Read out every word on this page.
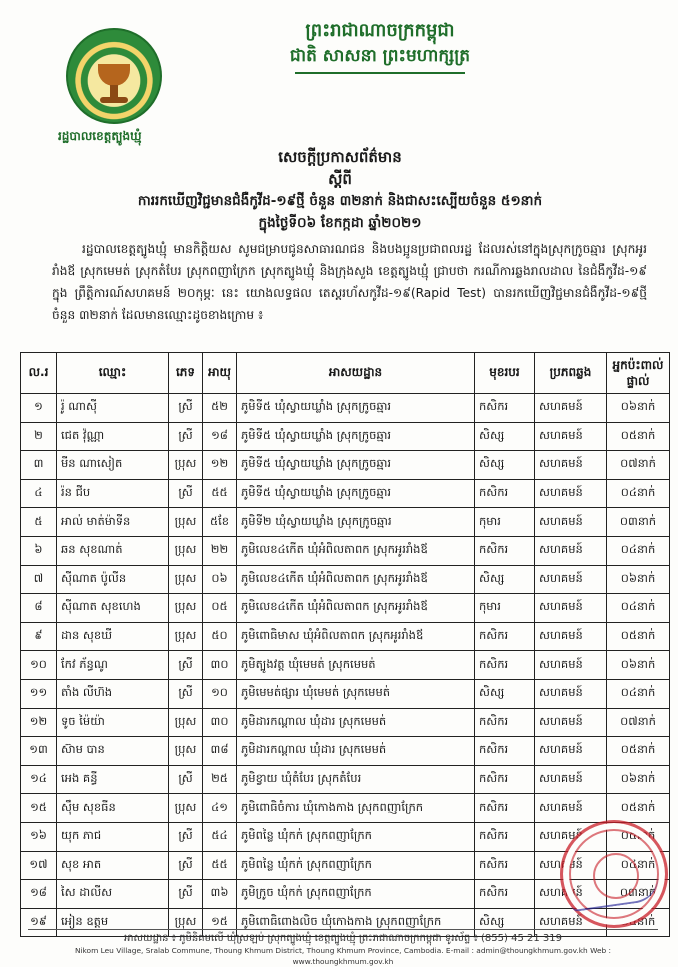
រដ្ឋបាលខេត្តត្បូងឃ្មុំ
ព្រះរាជាណាចក្រកម្ពុជា
ជាតិ សាសនា ព្រះមហាក្សត្រ
សេចក្ដីប្រកាសព័ត៌មាន
ស្ដីពី
ការរកឃើញវិជ្ជមានជំងឺកូវីដ-១៩ថ្មី ចំនួន ៣២នាក់ និងជាសះស្បើយចំនួន ៥១នាក់
ក្នុងថ្ងៃទី០៦ ខែកក្កដា ឆ្នាំ២០២១
រដ្ឋបាលខេត្តត្បូងឃ្មុំ មានកិត្តិយស សូមជម្រាបជូនសាធារណជន និងបងប្អូនប្រជាពលរដ្ឋ ដែលរស់នៅក្នុងស្រុកក្រូចឆ្មារ ស្រុកអូររាំងឪ ស្រុកមេមត់ ស្រុកតំបែរ ស្រុកពញាក្រែក ស្រុកត្បូងឃ្មុំ និងក្រុងសួង ខេត្តត្បូងឃ្មុំ ជ្រាបថា ករណីការឆ្លងរាលដាល នៃជំងឺកូវីដ-១៩ ក្នុង ព្រឹត្តិការណ៍សហគមន៍ ២០កុម្ភៈ នេះ យោងលទ្ធផល តេស្តរហ័សកូវីដ-១៩(Rapid Test) បានរកឃើញវិជ្ជមានជំងឺកូវីដ-១៩ថ្មី ចំនួន ៣២នាក់ ដែលមានឈ្មោះដូចខាងក្រោម ៖
ល.រ	ឈ្មោះ	ភេទ	អាយុ	អាសយដ្ឋាន	មុខរបរ	ប្រភពឆ្លង	អ្នកប៉ះពាល់ផ្ទាល់
១	រ៉ូ ណាស៊ី	ស្រី	៥២	ភូមិទី៥ ឃុំស្វាយឃ្លាំង ស្រុកក្រូចឆ្មារ	កសិករ	សហគមន៍	០៦នាក់
២	ជេត វ៉ុណ្ណា	ស្រី	១៨	ភូមិទី៥ ឃុំស្វាយឃ្លាំង ស្រុកក្រូចឆ្មារ	សិស្ស	សហគមន៍	០៥នាក់
៣	មីន ណាសៀត	ប្រុស	១២	ភូមិទី៥ ឃុំស្វាយឃ្លាំង ស្រុកក្រូចឆ្មារ	សិស្ស	សហគមន៍	០៧នាក់
៤	រ៉ន ជីប	ស្រី	៥៥	ភូមិទី៥ ឃុំស្វាយឃ្លាំង ស្រុកក្រូចឆ្មារ	កសិករ	សហគមន៍	០៤នាក់
៥	អាល់ មាត់ម៉ាទីន	ប្រុស	៥ខែ	ភូមិទី២ ឃុំស្វាយឃ្លាំង ស្រុកក្រូចឆ្មារ	កុមារ	សហគមន៍	០៣នាក់
៦	ឆន សុខណាត់	ប្រុស	២២	ភូមិលេខ៤កើត ឃុំអំពិលតាពក ស្រុកអូររាំងឪ	កសិករ	សហគមន៍	០៤នាក់
៧	ស៊ីណាត ប៉ូលីន	ប្រុស	០៦	ភូមិលេខ៤កើត ឃុំអំពិលតាពក ស្រុកអូររាំងឪ	សិស្ស	សហគមន៍	០៦នាក់
៨	ស៊ីណាត សុខហេង	ប្រុស	០៥	ភូមិលេខ៤កើត ឃុំអំពិលតាពក ស្រុកអូររាំងឪ	កុមារ	សហគមន៍	០៤នាក់
៩	ដាន សុខឃី	ប្រុស	៥០	ភូមិពោធិមាស ឃុំអំពិលតាពក ស្រុកអូររាំងឪ	កសិករ	សហគមន៍	០៥នាក់
១០	កែវ ភ័ន្ធណូ	ស្រី	៣០	ភូមិត្បូងវត្ត ឃុំមេមត់ ស្រុកមេមត់	កសិករ	សហគមន៍	០៦នាក់
១១	តាំង លីហ៊ង	ស្រី	១០	ភូមិមេមត់ផ្សារ ឃុំមេមត់ ស្រុកមេមត់	សិស្ស	សហគមន៍	០៤នាក់
១២	ទូច ម៉ៃយ៉ា	ប្រុស	៣០	ភូមិដារកណ្ដាល ឃុំដារ ស្រុកមេមត់	កសិករ	សហគមន៍	០៧នាក់
១៣	ស៊ាម បាន	ប្រុស	៣៨	ភូមិដារកណ្ដាល ឃុំដារ ស្រុកមេមត់	កសិករ	សហគមន៍	០៥នាក់
១៤	អេង គន្ធី	ស្រី	២៥	ភូមិខ្វាយ ឃុំតំបែរ ស្រុកតំបែរ	កសិករ	សហគមន៍	០៦នាក់
១៥	ស៊ឹម សុខធីន	ប្រុស	៤១	ភូមិពោធិចំការ ឃុំកោងកាង ស្រុកពញាក្រែក	កសិករ	សហគមន៍	០៥នាក់
១៦	យុក ភាជ	ស្រី	៥៤	ភូមិពន្លៃ ឃុំកក់ ស្រុកពញាក្រែក	កសិករ	សហគមន៍	០៥នាក់
១៧	សុខ អាត	ស្រី	៥៥	ភូមិពន្លៃ ឃុំកក់ ស្រុកពញាក្រែក	កសិករ	សហគមន៍	០៤នាក់
១៨	សៃ ដាលីស	ស្រី	៣៦	ភូមិក្រូច ឃុំកក់ ស្រុកពញាក្រែក	កសិករ	សហគមន៍	០៣នាក់
១៩	អៀន ឧត្ដម	ប្រុស	១៥	ភូមិពោធិពោងលិច ឃុំកោងកាង ស្រុកពញាក្រែក	សិស្ស	សហគមន៍	០៥នាក់
អាសយដ្ឋាន ៖ ភូមិនិគមលើ ឃុំស្រឡប់ ស្រុកត្បូងឃ្មុំ ខេត្តត្បូងឃ្មុំ ព្រះរាជាណាចក្រកម្ពុជា ទូរស័ព្ទ ៖ (855) 45 21 319
Nikom Leu Village, Sralab Commune, Thoung Khmum District, Thoung Khmum Province, Cambodia. E-mail : admin@thoungkhmum.gov.kh Web : www.thoungkhmum.gov.kh
